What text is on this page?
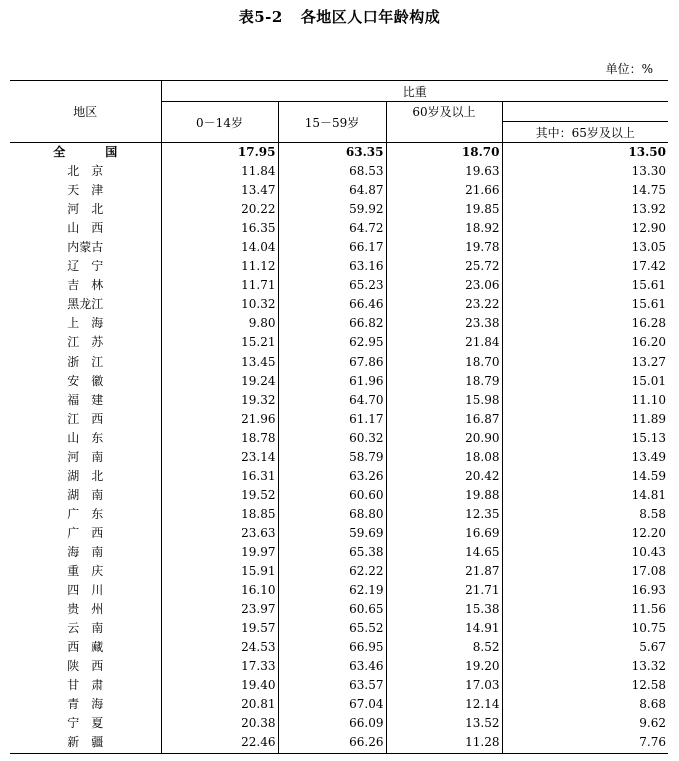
表5-2 各地区人口年龄构成
单位：%

地区	比重			
	0－14岁	15－59岁	60岁及以上	
				其中：65岁及以上
全　国	17.95	63.35	18.70	13.50
北　京	11.84	68.53	19.63	13.30
天　津	13.47	64.87	21.66	14.75
河　北	20.22	59.92	19.85	13.92
山　西	16.35	64.72	18.92	12.90
内蒙古	14.04	66.17	19.78	13.05
辽　宁	11.12	63.16	25.72	17.42
吉　林	11.71	65.23	23.06	15.61
黑龙江	10.32	66.46	23.22	15.61
上　海	9.80	66.82	23.38	16.28
江　苏	15.21	62.95	21.84	16.20
浙　江	13.45	67.86	18.70	13.27
安　徽	19.24	61.96	18.79	15.01
福　建	19.32	64.70	15.98	11.10
江　西	21.96	61.17	16.87	11.89
山　东	18.78	60.32	20.90	15.13
河　南	23.14	58.79	18.08	13.49
湖　北	16.31	63.26	20.42	14.59
湖　南	19.52	60.60	19.88	14.81
广　东	18.85	68.80	12.35	8.58
广　西	23.63	59.69	16.69	12.20
海　南	19.97	65.38	14.65	10.43
重　庆	15.91	62.22	21.87	17.08
四　川	16.10	62.19	21.71	16.93
贵　州	23.97	60.65	15.38	11.56
云　南	19.57	65.52	14.91	10.75
西　藏	24.53	66.95	8.52	5.67
陕　西	17.33	63.46	19.20	13.32
甘　肃	19.40	63.57	17.03	12.58
青　海	20.81	67.04	12.14	8.68
宁　夏	20.38	66.09	13.52	9.62
新　疆	22.46	66.26	11.28	7.76
